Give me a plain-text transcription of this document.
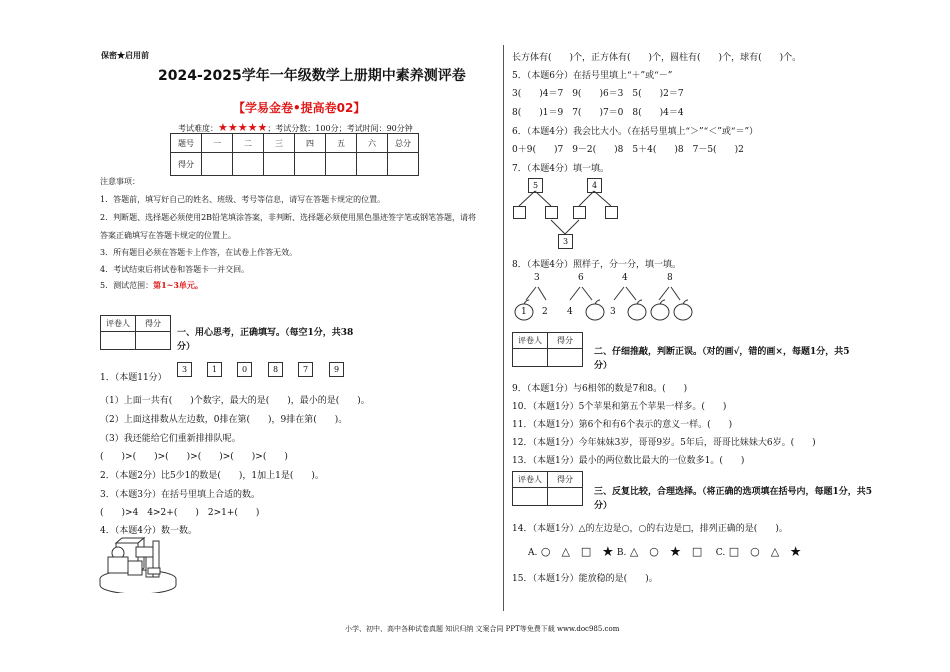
保密★启用前
2024-2025学年一年级数学上册期中素养测评卷
【学易金卷•提高卷02】
考试难度：★★★★★；考试分数：100分；考试时间：90分钟
题号	一	二	三	四	五	六	总分
得分							
注意事项：
1．答题前，填写好自己的姓名、班级、考号等信息，请写在答题卡规定的位置。
2．判断题、选择题必须使用2B铅笔填涂答案，非判断、选择题必须使用黑色墨迹签字笔或钢笔答题，请将
答案正确填写在答题卡规定的位置上。
3．所有题目必须在答题卡上作答，在试卷上作答无效。
4．考试结束后将试卷和答题卡一并交回。
5．测试范围：第1~3单元。
评卷人	得分

一、用心思考，正确填写。（每空1分，共38
分）
1．（本题11分）
3	1	0	8	7	9
（1）上面一共有(　　)个数字，最大的是(　　)，最小的是(　　)。
（2）上面这排数从左边数，0排在第(　　)，9排在第(　　)。
（3）我还能给它们重新排排队呢。
(　　)>(　　)>(　　)>(　　)>(　　)>(　　)
2．（本题2分）比5少1的数是(　　)，1加上1是(　　)。
3．（本题3分）在括号里填上合适的数。
(　　)>4　4>2+(　　)　2>1+(　　)
4．（本题4分）数一数。
长方体有(　　)个，正方体有(　　)个，圆柱有(　　)个，球有(　　)个。
5．（本题6分）在括号里填上“＋”或“－”
3(　　)4＝7　9(　　)6＝3　5(　　)2＝7
8(　　)1＝9　7(　　)7＝0　8(　　)4＝4
6．（本题4分）我会比大小。（在括号里填上“＞”“＜”或“＝”）
0＋9(　　)7　9－2(　　)8　5＋4(　　)8　7－5(　　)2
7．（本题4分）填一填。
5	4
3
8．（本题4分）照样子，分一分，填一填。
3	6	4	8
1 2 4	3
评卷人	得分

二、仔细推敲，判断正误。（对的画√，错的画×，每题1分，共5
分）
9．（本题1分）与6相邻的数是7和8。(　　)
10．（本题1分）5个苹果和第五个苹果一样多。(　　)
11．（本题1分）第6个和有6个表示的意义一样。(　　)
12．（本题1分）今年妹妹3岁，哥哥9岁。5年后，哥哥比妹妹大6岁。(　　)
13．（本题1分）最小的两位数比最大的一位数多1。(　　)
评卷人	得分

三、反复比较，合理选择。（将正确的选项填在括号内，每题1分，共5
分）
14．（本题1分）△的左边是○，○的右边是□，排列正确的是(　　)。
A. ○　△　□　★ B. △　○　★　□ C. □　○　△　★
15．（本题1分）能放稳的是(　　)。
小学、初中、高中各种试卷真题 知识归纳 文案合同 PPT等免费下载 www.doc985.com
